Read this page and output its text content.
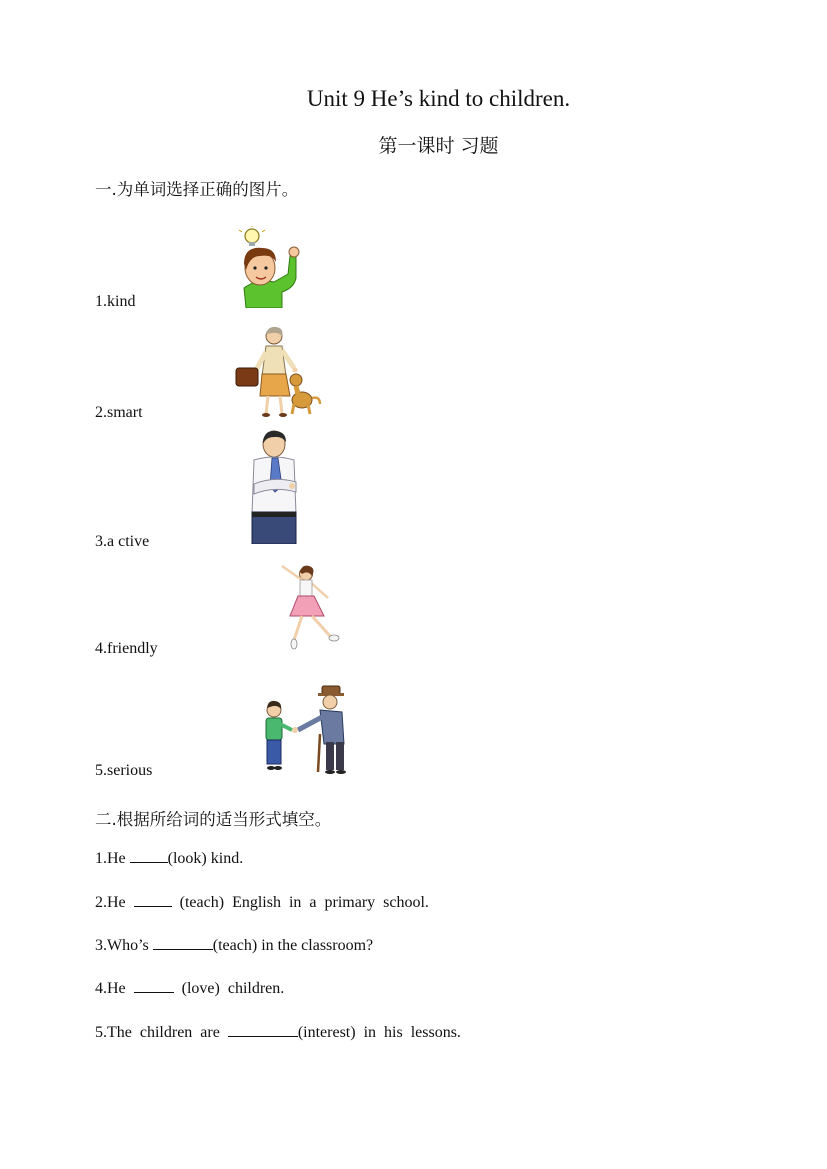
Unit 9 He’s kind to children.
第一课时 习题
一.为单词选择正确的图片。
1.kind
2.smart
3.a ctive
4.friendly
5.serious
二.根据所给词的适当形式填空。
1.He	(look) kind.
2.He	(teach) English in a primary school.
3.Who’s	(teach) in the classroom?
4.He	(love) children.
5.The children are	(interest) in his lessons.
